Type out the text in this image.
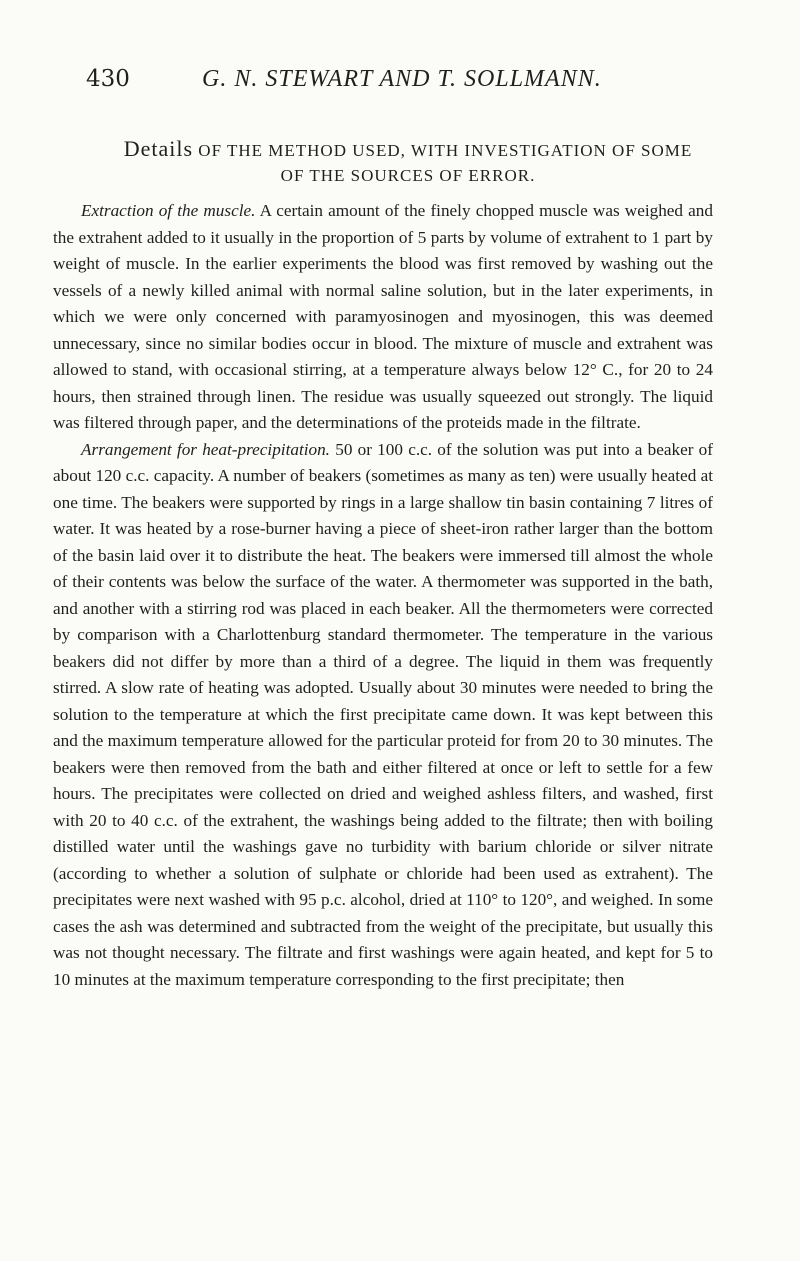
430	G. N. STEWART AND T. SOLLMANN.
Details OF THE METHOD USED, WITH INVESTIGATION OF SOME
OF THE SOURCES OF ERROR.

Extraction of the muscle. A certain amount of the finely chopped muscle was weighed and the extrahent added to it usually in the proportion of 5 parts by volume of extrahent to 1 part by weight of muscle. In the earlier experiments the blood was first removed by washing out the vessels of a newly killed animal with normal saline solution, but in the later experiments, in which we were only concerned with paramyosinogen and myosinogen, this was deemed unnecessary, since no similar bodies occur in blood. The mixture of muscle and extrahent was allowed to stand, with occasional stirring, at a temperature always below 12° C., for 20 to 24 hours, then strained through linen. The residue was usually squeezed out strongly. The liquid was filtered through paper, and the determinations of the proteids made in the filtrate.

Arrangement for heat-precipitation. 50 or 100 c.c. of the solution was put into a beaker of about 120 c.c. capacity. A number of beakers (sometimes as many as ten) were usually heated at one time. The beakers were supported by rings in a large shallow tin basin containing 7 litres of water. It was heated by a rose-burner having a piece of sheet-iron rather larger than the bottom of the basin laid over it to distribute the heat. The beakers were immersed till almost the whole of their contents was below the surface of the water. A thermometer was supported in the bath, and another with a stirring rod was placed in each beaker. All the thermometers were corrected by comparison with a Charlottenburg standard thermometer. The temperature in the various beakers did not differ by more than a third of a degree. The liquid in them was frequently stirred. A slow rate of heating was adopted. Usually about 30 minutes were needed to bring the solution to the temperature at which the first precipitate came down. It was kept between this and the maximum temperature allowed for the particular proteid for from 20 to 30 minutes. The beakers were then removed from the bath and either filtered at once or left to settle for a few hours. The precipitates were collected on dried and weighed ashless filters, and washed, first with 20 to 40 c.c. of the extrahent, the washings being added to the filtrate; then with boiling distilled water until the washings gave no turbidity with barium chloride or silver nitrate (according to whether a solution of sulphate or chloride had been used as extrahent). The precipitates were next washed with 95 p.c. alcohol, dried at 110° to 120°, and weighed. In some cases the ash was determined and subtracted from the weight of the precipitate, but usually this was not thought necessary. The filtrate and first washings were again heated, and kept for 5 to 10 minutes at the maximum temperature corresponding to the first precipitate; then
